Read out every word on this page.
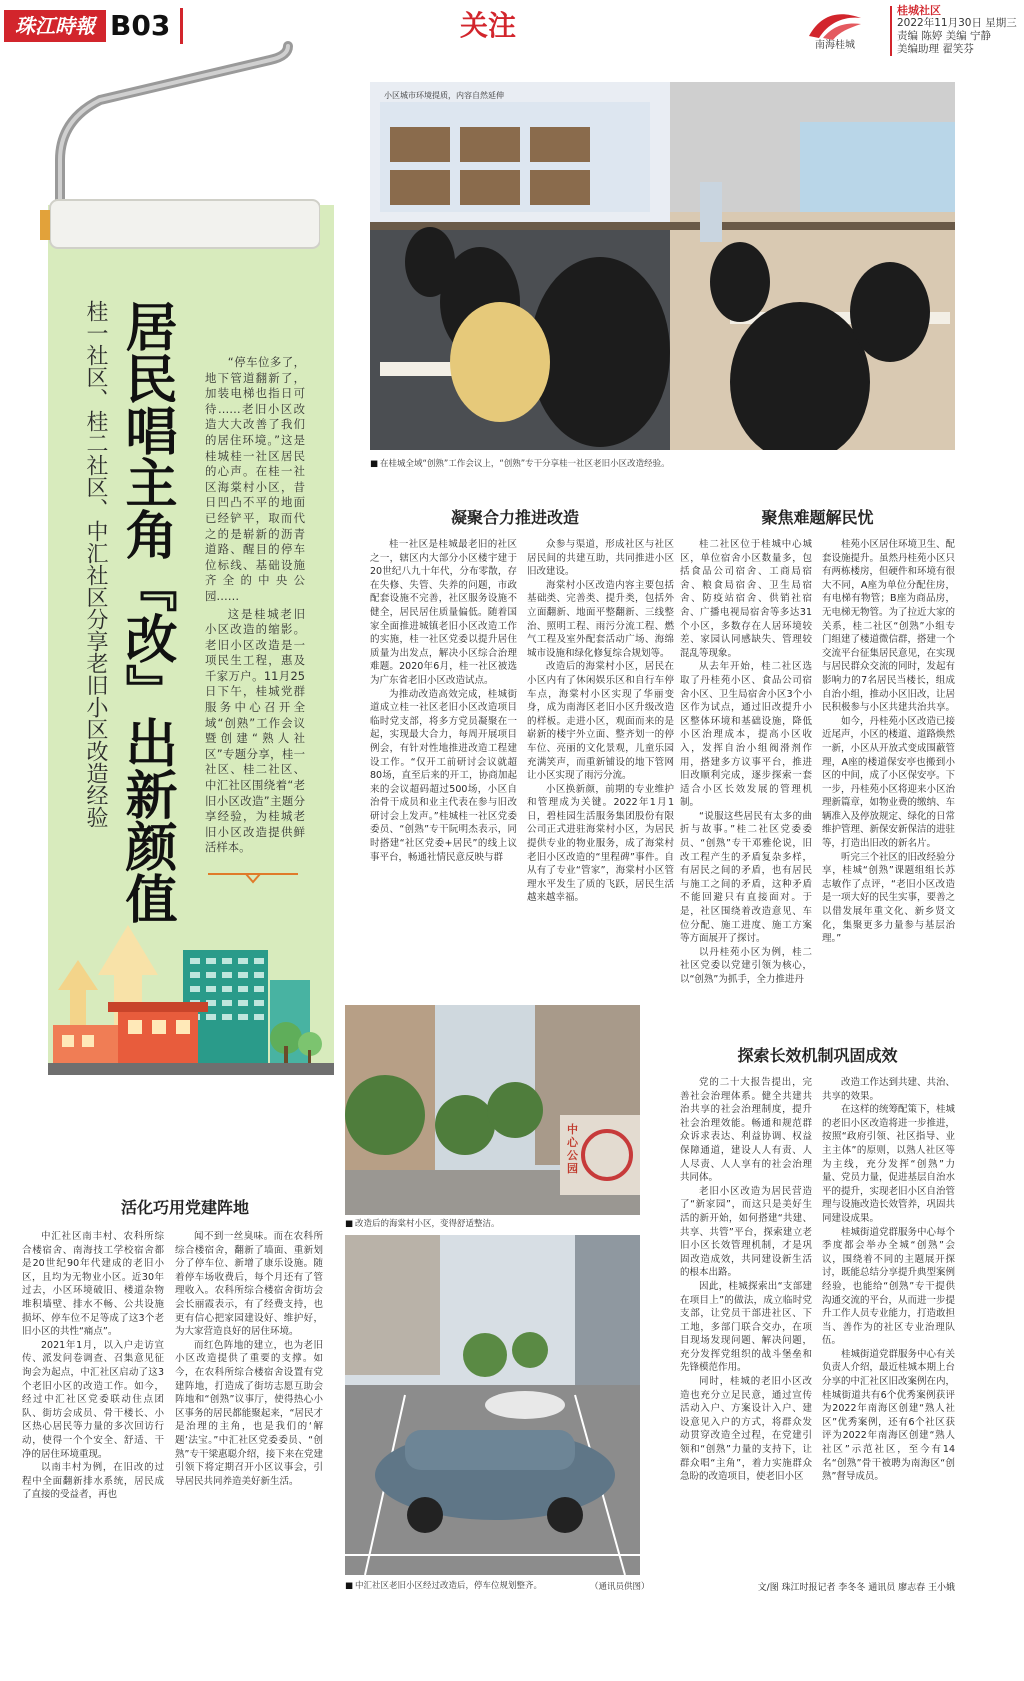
珠江時報 B03	关注
南海桂城
桂城社区
2022年11月30日 星期三
责编 陈婷 美编 宁静
美编助理 翟笑芬
居民唱主角『改』出新颜值
桂一社区、桂二社区、中汇社区分享老旧小区改造经验	“停车位多了，地下管道翻新了，加装电梯也指日可待……老旧小区改造大大改善了我们的居住环境。”这是桂城桂一社区居民的心声。在桂一社区海棠村小区，昔日凹凸不平的地面已经铲平，取而代之的是崭新的沥青道路、醒目的停车位标线、基础设施齐全的中央公园……

这是桂城老旧小区改造的缩影。老旧小区改造是一项民生工程，惠及千家万户。11月25日下午，桂城党群服务中心召开全域“创熟”工作会议暨创建“熟人社区”专题分享，桂一社区、桂二社区、中汇社区围绕着“老旧小区改造”主题分享经验，为桂城老旧小区改造提供鲜活样本。

小区城市环境提质，内容自然延伸
■ 在桂城全域“创熟”工作会议上，“创熟”专干分享桂一社区老旧小区改造经验。
凝聚合力推进改造

桂一社区是桂城最老旧的社区之一，辖区内大部分小区楼宇建于20世纪八九十年代，分布零散，存在失修、失管、失养的问题，市政配套设施不完善，社区服务设施不健全，居民居住质量偏低。随着国家全面推进城镇老旧小区改造工作的实施，桂一社区党委以提升居住质量为出发点，解决小区综合治理难题。2020年6月，桂一社区被选为广东省老旧小区改造试点。

为推动改造高效完成，桂城街道成立桂一社区老旧小区改造项目临时党支部，将多方党员凝聚在一起，实现最大合力，每周开展项目例会，有针对性地推进改造工程建设工作。“仅开工前研讨会议就超80场，直至后来的开工，协商加起来的会议超码超过500场，小区自治骨干成员和业主代表在参与旧改研讨会上发声。”桂城桂一社区党委委员、“创熟”专干阮明杰表示，同时搭建“社区党委+居民”的线上议事平台，畅通社情民意反映与群

众参与渠道，形成社区与社区居民间的共建互助，共同推进小区旧改建设。

海棠村小区改造内容主要包括基础类、完善类、提升类，包括外立面翻新、地面平整翻新、三线整治、照明工程、雨污分流工程、燃气工程及室外配套活动广场、海绵城市设施和绿化修复综合规划等。

改造后的海棠村小区，居民在小区内有了休闲娱乐区和自行车停车点，海棠村小区实现了华丽变身，成为南海区老旧小区升级改造的样板。走进小区，观面而来的是崭新的楼宇外立面、整齐划一的停车位、亮丽的文化景观，儿童乐园充满笑声，而重新铺设的地下管网让小区实现了雨污分流。

小区换新颜，前期的专业维护和管理成为关键。2022年1月1日，碧桂园生活服务集团股份有限公司正式进驻海棠村小区，为居民提供专业的物业服务，成了海棠村老旧小区改造的“里程碑”事件。自从有了专业“管家”，海棠村小区管理水平发生了质的飞跃，居民生活越来越幸福。

聚焦难题解民忧

桂二社区位于桂城中心城区，单位宿舍小区数量多，包括食品公司宿舍、工商局宿舍、粮食局宿舍、卫生局宿舍、防疫站宿舍、供销社宿舍、广播电视局宿舍等多达31个小区，多数存在人居环境较差、家园认同感缺失、管理较混乱等现象。

从去年开始，桂二社区选取了丹桂苑小区、食品公司宿舍小区、卫生局宿舍小区3个小区作为试点，通过旧改提升小区整体环境和基础设施，降低小区治理成本，提高小区收入，发挥自治小组阀滑剂作用，搭建多方议事平台，推进旧改顺利完成，逐步探索一套适合小区长效发展的管理机制。

“说服这些居民有太多的曲折与故事。”桂二社区党委委员、“创熟”专干邓雅伦说，旧改工程产生的矛盾复杂多样，有居民之间的矛盾，也有居民与施工之间的矛盾，这种矛盾不能回避只有直接面对。于是，社区围绕着改造意见、车位分配、施工进度、施工方案等方面展开了探讨。

以丹桂苑小区为例，桂二社区党委以党建引领为核心，以“创熟”为抓手，全力推进丹

桂苑小区居住环境卫生、配套设施提升。虽然丹桂苑小区只有两栋楼房，但硬件和环境有很大不同，A座为单位分配住房，有电梯有物管；B座为商品房，无电梯无物管。为了拉近大家的关系，桂二社区“创熟”小组专门组建了楼道微信群，搭建一个交流平台征集居民意见，在实现与居民群众交流的同时，发起有影响力的7名居民当楼长，组成自治小组，推动小区旧改，让居民积极参与小区共建共治共享。

如今，丹桂苑小区改造已接近尾声，小区的楼道、道路焕然一新，小区从开放式变成围蔽管理，A座的楼道保安亭也搬到小区的中间，成了小区保安亭。下一步，丹桂苑小区将迎来小区治理新篇章，如物业费的缴纳、车辆准入及停放规定、绿化的日常维护管理、新保安新保洁的进驻等，打造出旧改的新名片。

听完三个社区的旧改经验分享，桂城“创熟”课题组组长苏志敏作了点评，“老旧小区改造是一项大好的民生实事，要善之以借发展年重文化、新乡贤文化，集聚更多力量参与基层治理。”

中心公园
■ 改造后的海棠村小区，变得舒适整洁。
■ 中汇社区老旧小区经过改造后，停车位规划整齐。	（通讯员供图）
探索长效机制巩固成效

党的二十大报告提出，完善社会治理体系。健全共建共治共享的社会治理制度，提升社会治理效能。畅通和规范群众诉求表达、利益协调、权益保障通道，建设人人有责、人人尽责、人人享有的社会治理共同体。

老旧小区改造为居民营造了“新家园”，而这只是美好生活的新开始，如何搭建“共建、共享、共管”平台，探索建立老旧小区长效管理机制，才是巩固改造成效，共同建设新生活的根本出路。

因此，桂城探索出“支部建在项目上”的做法，成立临时党支部，让党员干部进社区、下工地，多部门联合交办，在项目现场发现问题、解决问题，充分发挥党组织的战斗堡垒和先锋模范作用。

同时，桂城的老旧小区改造也充分立足民意，通过宣传活动入户、方案设计入户、建设意见入户的方式，将群众发动贯穿改造全过程，在党建引领和“创熟”力量的支持下，让群众唱“主角”，着力实施群众急盼的改造项目，使老旧小区

改造工作达到共建、共治、共享的效果。

在这样的统筹配策下，桂城的老旧小区改造将进一步推进，按照“政府引领、社区指导、业主主体”的原则，以熟人社区等为主线，充分发挥“创熟”力量、党员力量，促进基层自治水平的提升，实现老旧小区自治管理与设施改造长效管养，巩固共同建设成果。

桂城街道党群服务中心每个季度都会举办全城“创熟”会议，围绕着不同的主题展开探讨，既能总结分享提升典型案例经验，也能给“创熟”专干提供沟通交流的平台，从而进一步提升工作人员专业能力，打造敢担当、善作为的社区专业治理队伍。

桂城街道党群服务中心有关负责人介绍，最近桂城本期上台分享的中汇社区旧改案例在内，桂城街道共有6个优秀案例获评为2022年南海区创建“熟人社区”优秀案例，还有6个社区获评为2022年南海区创建“熟人社区”示范社区，至今有14名“创熟”骨干被聘为南海区“创熟”督导成员。

文/图 珠江时报记者 李冬冬 通讯员 廖志春 王小娥
活化巧用党建阵地

中汇社区南丰村、农科所综合楼宿舍、南海技工学校宿舍都是20世纪90年代建成的老旧小区，且均为无物业小区。近30年过去，小区环境破旧、楼道杂物堆积墙壁、排水不畅、公共设施损坏、停车位不足等成了这3个老旧小区的共性“痛点”。

2021年1月，以入户走访宣传、派发问卷调查、召集意见征询会为起点，中汇社区启动了这3个老旧小区的改造工作。如今，经过中汇社区党委联动住点团队、街坊会成员、骨干楼长、小区热心居民等力量的多次回访行动，使得一个个安全、舒适、干净的居住环境重现。

以南丰村为例，在旧改的过程中全面翻新排水系统，居民成了直接的受益者，再也

闻不到一丝臭味。而在农科所综合楼宿舍，翻新了墙面、重新划分了停车位、新增了康乐设施。随着停车场收费后，每个月还有了管理收入。农科所综合楼宿舍街坊会会长丽霞表示，有了经费支持，也更有信心把家园建设好、维护好，为大家营造良好的居住环境。

而红色阵地的建立，也为老旧小区改造提供了重要的支撑。如今，在农科所综合楼宿舍设置有党建阵地，打造成了街坊志愿互助会阵地和“创熟”议事厅，使得热心小区事务的居民都能聚起来，“居民才是治理的主角，也是我们的‘解题’法宝。”中汇社区党委委员、“创熟”专干梁惠聪介绍，接下来在党建引领下将定期召开小区议事会，引导居民共同养造美好新生活。
